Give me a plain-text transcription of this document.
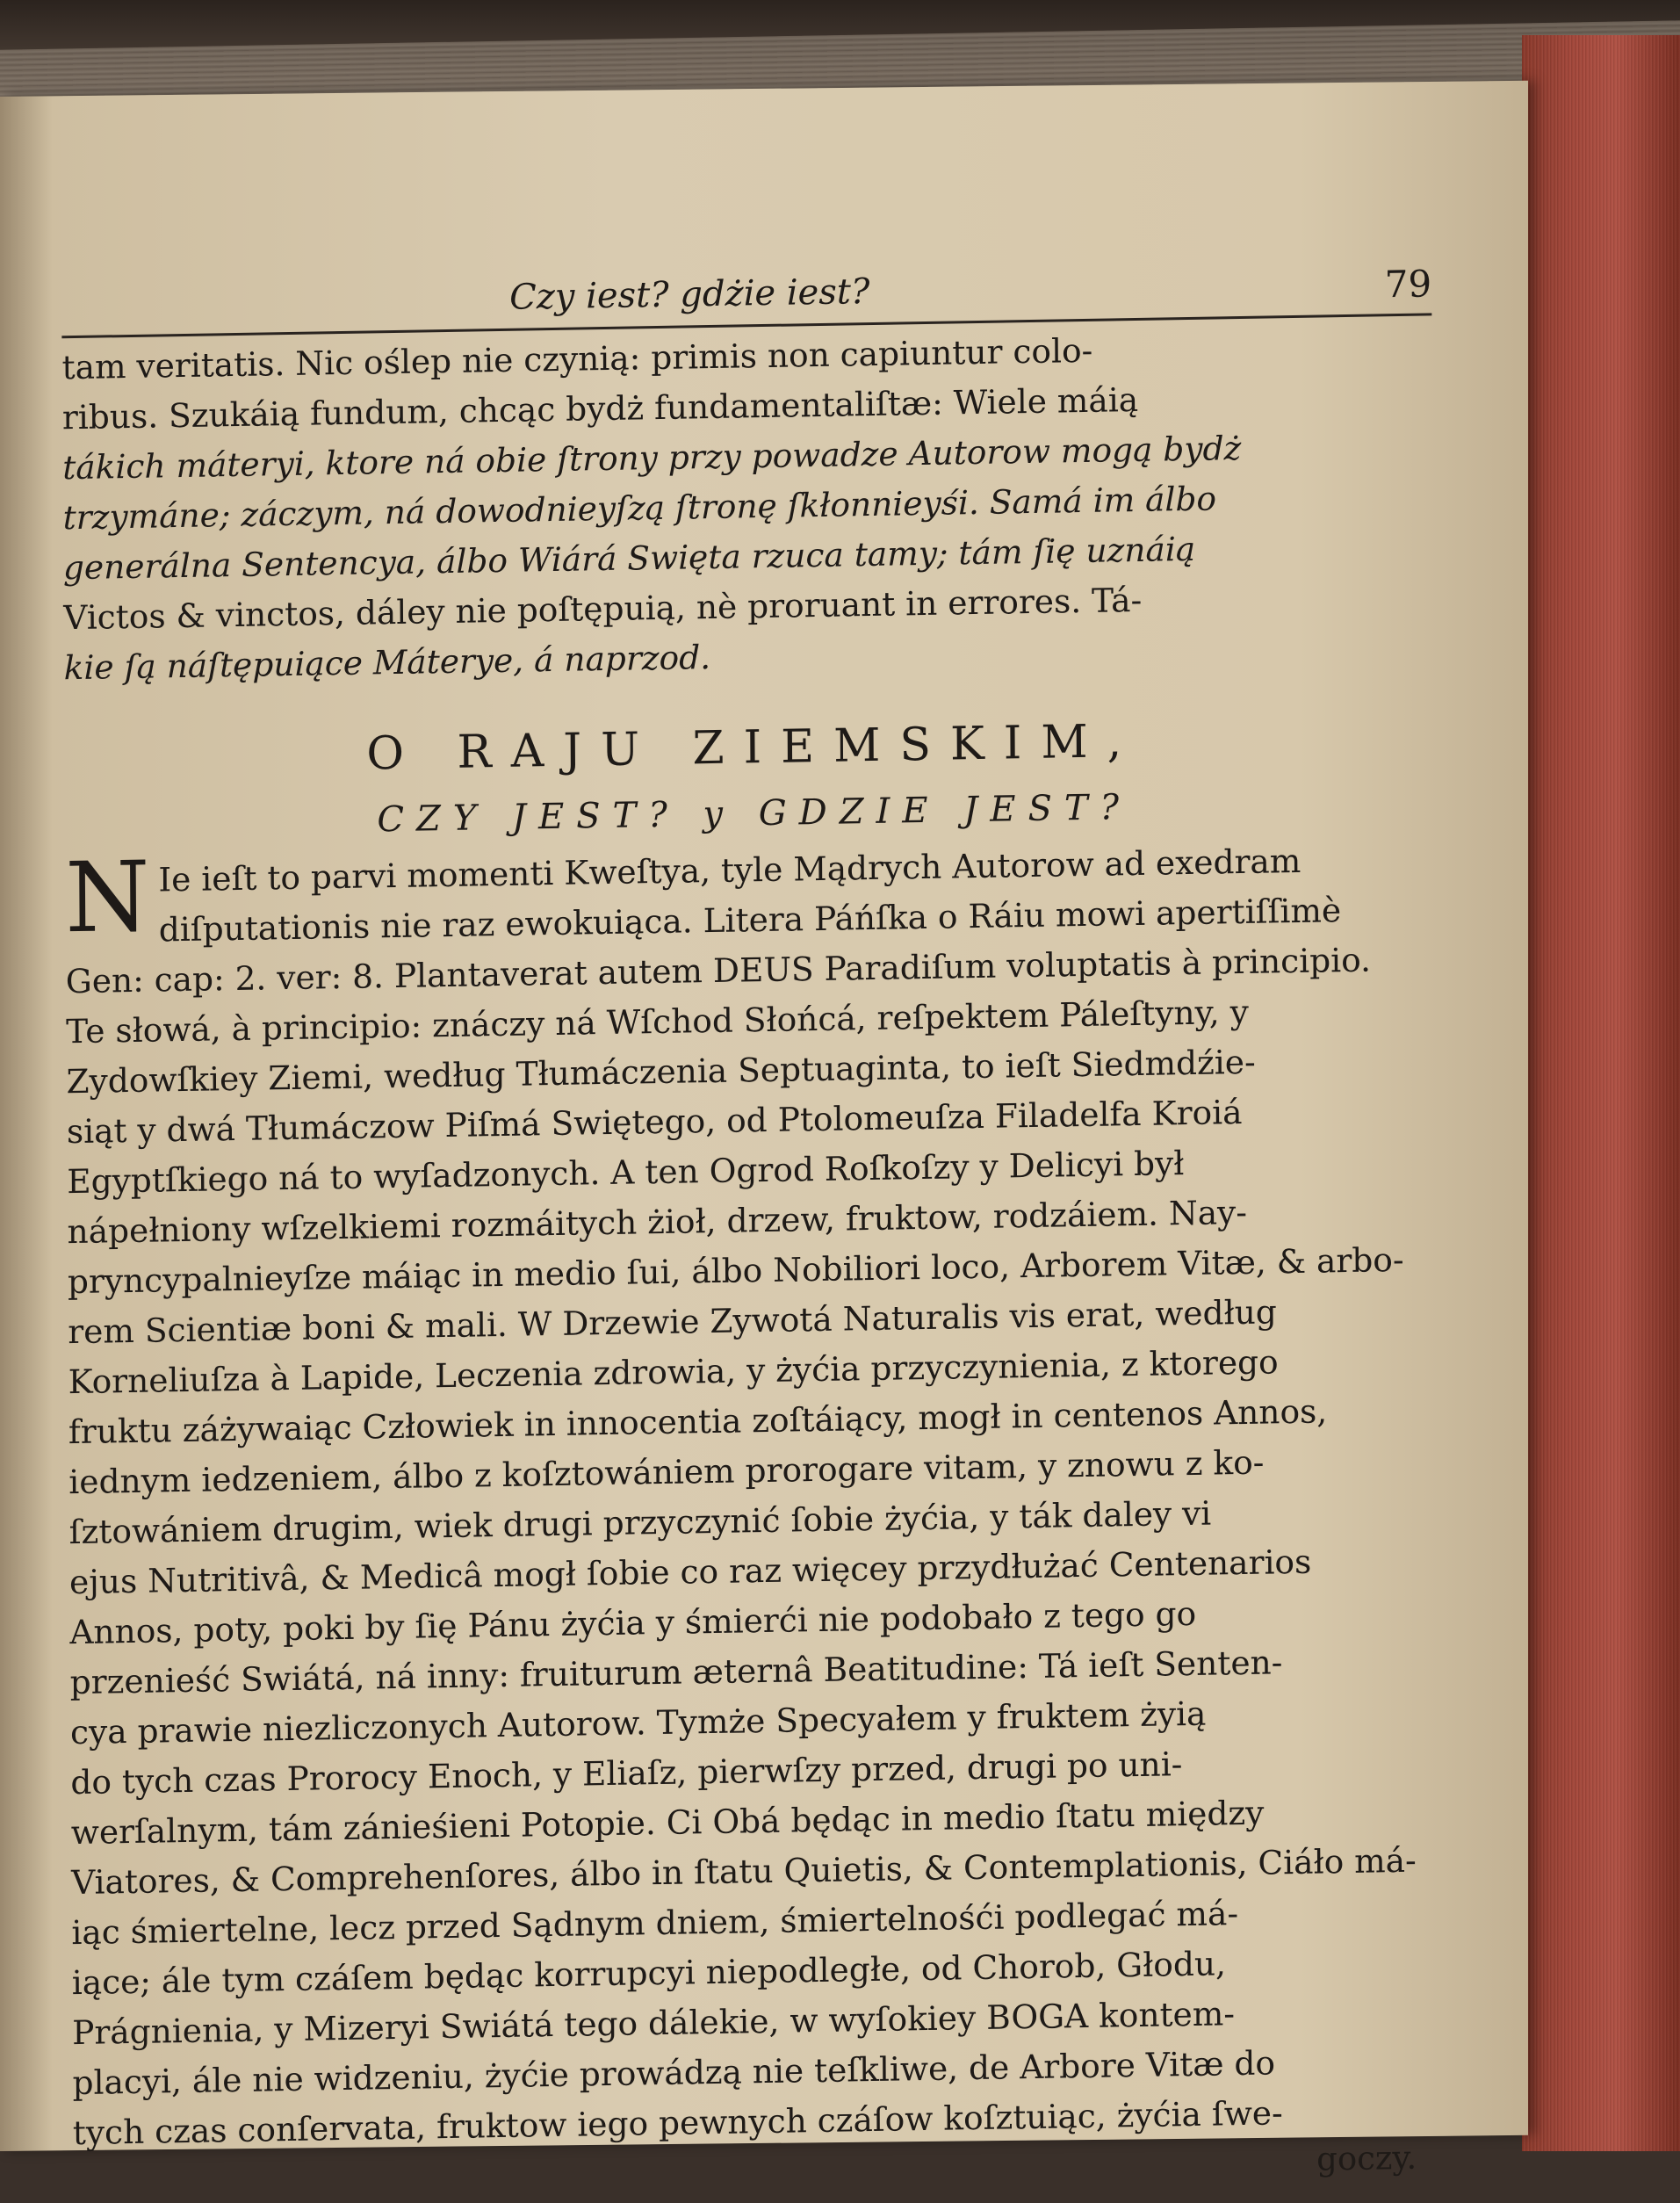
Czy iest? gdżie iest?	79

tam veritatis. Nic oślep nie czynią: primis non capiuntur colo-

ribus. Szukáią fundum, chcąc bydż fundamentaliſtæ: Wiele máią

tákich máteryi, ktore ná obie ſtrony przy powadze Autorow mogą bydż

trzymáne; záczym, ná dowodnieyſzą ſtronę ſkłonnieyśi. Samá im álbo

generálna Sentencya, álbo Wiárá Swięta rzuca tamy; tám ſię uznáią

Victos & vinctos, dáley nie poſtępuią, nè proruant in errores. Tá-

kie ſą náſtępuiące Máterye, á naprzod.

O RAJU ZIEMSKIM,
CZY JEST? y GDZIE JEST?
N Ie ieſt to parvi momenti Kweſtya, tyle Mądrych Autorow ad exedram

diſputationis nie raz ewokuiąca. Litera Páńſka o Ráiu mowi apertiſſimè

Gen: cap: 2. ver: 8. Plantaverat autem DEUS Paradiſum voluptatis à principio.

Te słowá, à principio: znáczy ná Wſchod Słońcá, reſpektem Páleſtyny, y

Zydowſkiey Ziemi, według Tłumáczenia Septuaginta, to ieſt Siedmdźie-

siąt y dwá Tłumáczow Piſmá Swiętego, od Ptolomeuſza Filadelfa Kroiá

Egyptſkiego ná to wyſadzonych. A ten Ogrod Roſkoſzy y Delicyi był

nápełniony wſzelkiemi rozmáitych żioł, drzew, fruktow, rodzáiem. Nay-

pryncypalnieyſze máiąc in medio ſui, álbo Nobiliori loco, Arborem Vitæ, & arbo-

rem Scientiæ boni & mali. W Drzewie Zywotá Naturalis vis erat, według

Korneliuſza à Lapide, Leczenia zdrowia, y żyćia przyczynienia, z ktorego

fruktu záżywaiąc Człowiek in innocentia zoſtáiący, mogł in centenos Annos,

iednym iedzeniem, álbo z koſztowániem prorogare vitam, y znowu z ko-

ſztowániem drugim, wiek drugi przyczynić ſobie żyćia, y ták daley vi

ejus Nutritivâ, & Medicâ mogł ſobie co raz więcey przydłużać Centenarios

Annos, poty, poki by ſię Pánu żyćia y śmierći nie podobało z tego go

przenieść Swiátá, ná inny: fruiturum æternâ Beatitudine: Tá ieſt Senten-

cya prawie niezliczonych Autorow. Tymże Specyałem y fruktem żyią

do tych czas Prorocy Enoch, y Eliaſz, pierwſzy przed, drugi po uni-

werſalnym, tám zánieśieni Potopie. Ci Obá będąc in medio ſtatu między

Viatores, & Comprehenſores, álbo in ſtatu Quietis, & Contemplationis, Ciáło má-

iąc śmiertelne, lecz przed Sądnym dniem, śmiertelnośći podlegać má-

iące; ále tym czáſem będąc korrupcyi niepodległe, od Chorob, Głodu,

Prágnienia, y Mizeryi Swiátá tego dálekie, w wyſokiey BOGA kontem-

placyi, ále nie widzeniu, żyćie prowádzą nie teſkliwe, de Arbore Vitæ do

tych czas conſervata, fruktow iego pewnych czáſow koſztuiąc, żyćia ſwe-

goczy.
